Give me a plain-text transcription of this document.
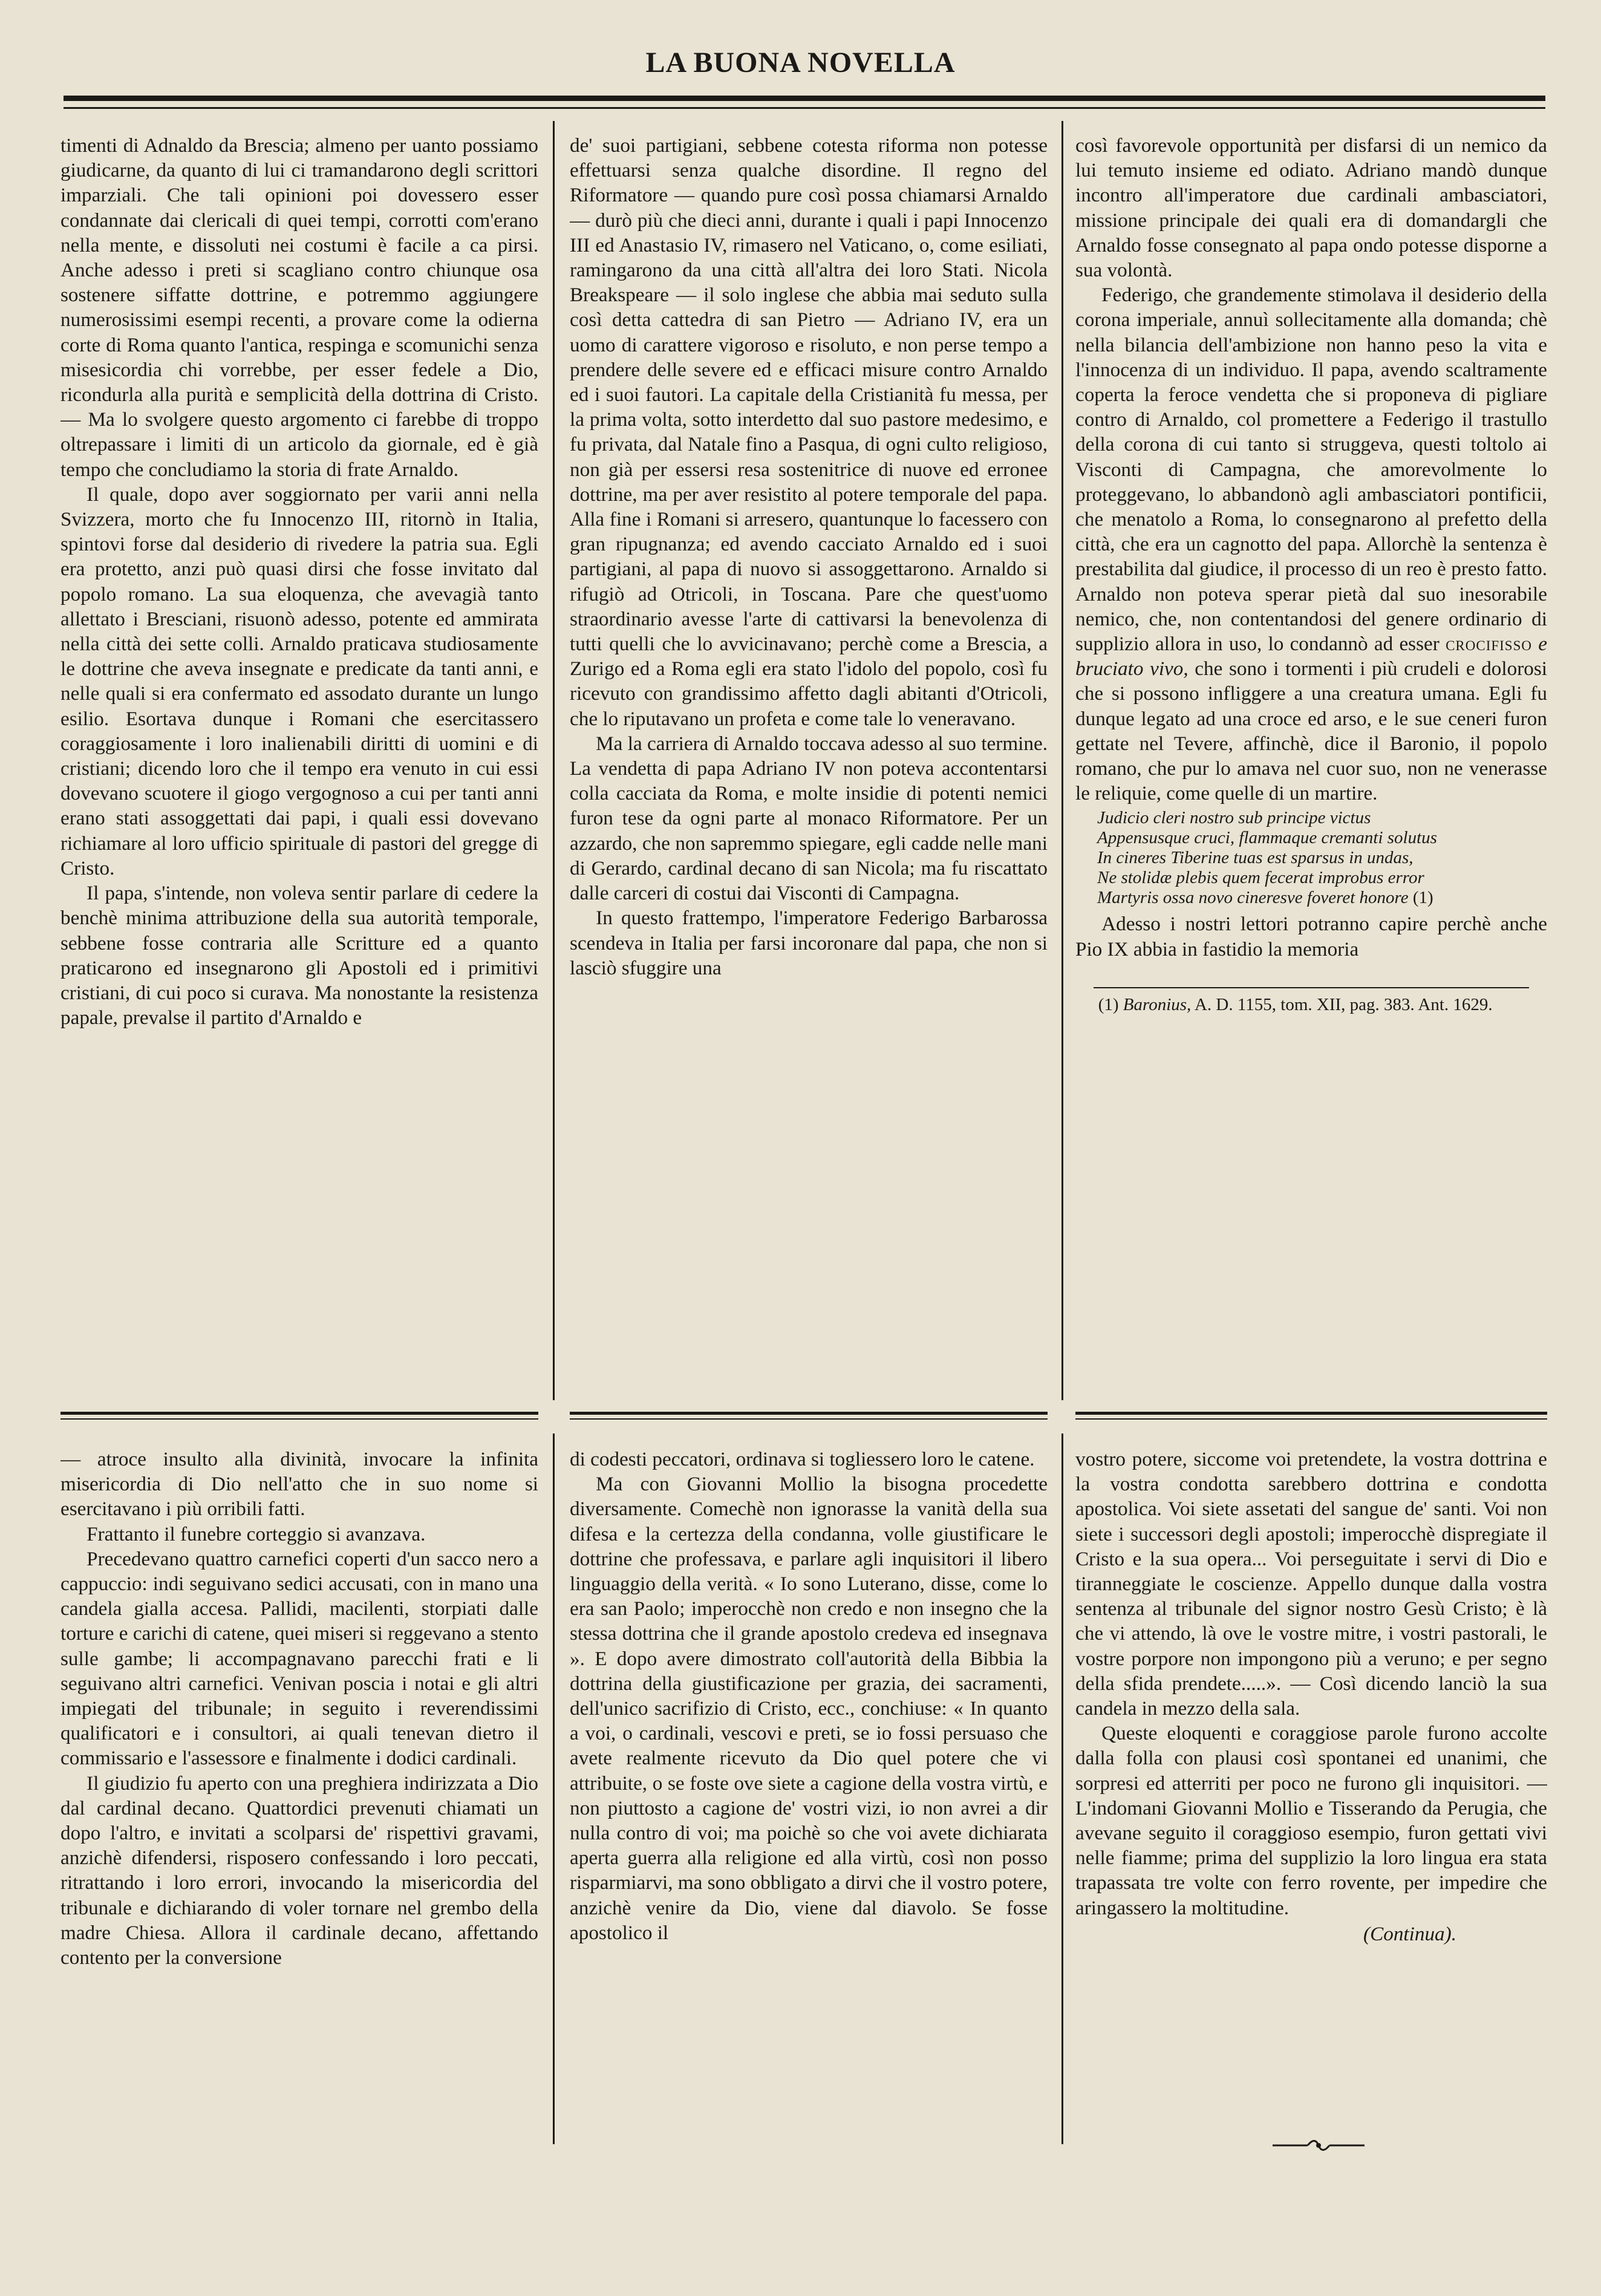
LA BUONA NOVELLA

timenti di Adnaldo da Brescia; almeno per uanto possiamo giudicarne, da quanto di lui ci tramandarono degli scrittori imparziali. Che tali opinioni poi dovessero esser condannate dai clericali di quei tempi, corrotti com'erano nella mente, e dissoluti nei costumi è facile a ca pirsi. Anche adesso i preti si scagliano contro chiunque osa sostenere siffatte dottrine, e potremmo aggiungere numerosissimi esempi recenti, a provare come la odierna corte di Roma quanto l'antica, respinga e scomunichi senza misesicordia chi vorrebbe, per esser fedele a Dio, ricondurla alla purità e semplicità della dottrina di Cristo. — Ma lo svolgere questo argomento ci farebbe di troppo oltrepassare i limiti di un articolo da giornale, ed è già tempo che concludiamo la storia di frate Arnaldo.

Il quale, dopo aver soggiornato per varii anni nella Svizzera, morto che fu Innocenzo III, ritornò in Italia, spintovi forse dal desiderio di rivedere la patria sua. Egli era protetto, anzi può quasi dirsi che fosse invitato dal popolo romano. La sua eloquenza, che avevagià tanto allettato i Bresciani, risuonò adesso, potente ed ammirata nella città dei sette colli. Arnaldo praticava studiosamente le dottrine che aveva insegnate e predicate da tanti anni, e nelle quali si era confermato ed assodato durante un lungo esilio. Esortava dunque i Romani che esercitassero coraggiosamente i loro inalienabili diritti di uomini e di cristiani; dicendo loro che il tempo era venuto in cui essi dovevano scuotere il giogo vergognoso a cui per tanti anni erano stati assoggettati dai papi, i quali essi dovevano richiamare al loro ufficio spirituale di pastori del gregge di Cristo.

Il papa, s'intende, non voleva sentir parlare di cedere la benchè minima attribuzione della sua autorità temporale, sebbene fosse contraria alle Scritture ed a quanto praticarono ed insegnarono gli Apostoli ed i primitivi cristiani, di cui poco si curava. Ma nonostante la resistenza papale, prevalse il partito d'Arnaldo e

de' suoi partigiani, sebbene cotesta riforma non potesse effettuarsi senza qualche disordine. Il regno del Riformatore — quando pure così possa chiamarsi Arnaldo — durò più che dieci anni, durante i quali i papi Innocenzo III ed Anastasio IV, rimasero nel Vaticano, o, come esiliati, ramingarono da una città all'altra dei loro Stati. Nicola Breakspeare — il solo inglese che abbia mai seduto sulla così detta cattedra di san Pietro — Adriano IV, era un uomo di carattere vigoroso e risoluto, e non perse tempo a prendere delle severe ed e efficaci misure contro Arnaldo ed i suoi fautori. La capitale della Cristianità fu messa, per la prima volta, sotto interdetto dal suo pastore medesimo, e fu privata, dal Natale fino a Pasqua, di ogni culto religioso, non già per essersi resa sostenitrice di nuove ed erronee dottrine, ma per aver resistito al potere temporale del papa. Alla fine i Romani si arresero, quantunque lo facessero con gran ripugnanza; ed avendo cacciato Arnaldo ed i suoi partigiani, al papa di nuovo si assoggettarono. Arnaldo si rifugiò ad Otricoli, in Toscana. Pare che quest'uomo straordinario avesse l'arte di cattivarsi la benevolenza di tutti quelli che lo avvicinavano; perchè come a Brescia, a Zurigo ed a Roma egli era stato l'idolo del popolo, così fu ricevuto con grandissimo affetto dagli abitanti d'Otricoli, che lo riputavano un profeta e come tale lo veneravano.

Ma la carriera di Arnaldo toccava adesso al suo termine. La vendetta di papa Adriano IV non poteva accontentarsi colla cacciata da Roma, e molte insidie di potenti nemici furon tese da ogni parte al monaco Riformatore. Per un azzardo, che non sapremmo spiegare, egli cadde nelle mani di Gerardo, cardinal decano di san Nicola; ma fu riscattato dalle carceri di costui dai Visconti di Campagna.

In questo frattempo, l'imperatore Federigo Barbarossa scendeva in Italia per farsi incoronare dal papa, che non si lasciò sfuggire una

così favorevole opportunità per disfarsi di un nemico da lui temuto insieme ed odiato. Adriano mandò dunque incontro all'imperatore due cardinali ambasciatori, missione principale dei quali era di domandargli che Arnaldo fosse consegnato al papa ondo potesse disporne a sua volontà.

Federigo, che grandemente stimolava il desiderio della corona imperiale, annuì sollecitamente alla domanda; chè nella bilancia dell'ambizione non hanno peso la vita e l'innocenza di un individuo. Il papa, avendo scaltramente coperta la feroce vendetta che si proponeva di pigliare contro di Arnaldo, col promettere a Federigo il trastullo della corona di cui tanto si struggeva, questi toltolo ai Visconti di Campagna, che amorevolmente lo proteggevano, lo abbandonò agli ambasciatori pontificii, che menatolo a Roma, lo consegnarono al prefetto della città, che era un cagnotto del papa. Allorchè la sentenza è prestabilita dal giudice, il processo di un reo è presto fatto. Arnaldo non poteva sperar pietà dal suo inesorabile nemico, che, non contentandosi del genere ordinario di supplizio allora in uso, lo condannò ad esser crocifisso e bruciato vivo, che sono i tormenti i più crudeli e dolorosi che si possono infliggere a una creatura umana. Egli fu dunque legato ad una croce ed arso, e le sue ceneri furon gettate nel Tevere, affinchè, dice il Baronio, il popolo romano, che pur lo amava nel cuor suo, non ne venerasse le reliquie, come quelle di un martire.

Judicio cleri nostro sub principe victus
Appensusque cruci, flammaque cremanti solutus
In cineres Tiberine tuas est sparsus in undas,
Ne stolidæ plebis quem fecerat improbus error
Martyris ossa novo cineresve foveret honore (1)

Adesso i nostri lettori potranno capire perchè anche Pio IX abbia in fastidio la memoria

(1) Baronius, A. D. 1155, tom. XII, pag. 383. Ant. 1629.

— atroce insulto alla divinità, invocare la infinita misericordia di Dio nell'atto che in suo nome si esercitavano i più orribili fatti.

Frattanto il funebre corteggio si avanzava.

Precedevano quattro carnefici coperti d'un sacco nero a cappuccio: indi seguivano sedici accusati, con in mano una candela gialla accesa. Pallidi, macilenti, storpiati dalle torture e carichi di catene, quei miseri si reggevano a stento sulle gambe; li accompagnavano parecchi frati e li seguivano altri carnefici. Venivan poscia i notai e gli altri impiegati del tribunale; in seguito i reverendissimi qualificatori e i consultori, ai quali tenevan dietro il commissario e l'assessore e finalmente i dodici cardinali.

Il giudizio fu aperto con una preghiera indirizzata a Dio dal cardinal decano. Quattordici prevenuti chiamati un dopo l'altro, e invitati a scolparsi de' rispettivi gravami, anzichè difendersi, risposero confessando i loro peccati, ritrattando i loro errori, invocando la misericordia del tribunale e dichiarando di voler tornare nel grembo della madre Chiesa. Allora il cardinale decano, affettando contento per la conversione

di codesti peccatori, ordinava si togliessero loro le catene.

Ma con Giovanni Mollio la bisogna procedette diversamente. Comechè non ignorasse la vanità della sua difesa e la certezza della condanna, volle giustificare le dottrine che professava, e parlare agli inquisitori il libero linguaggio della verità. « Io sono Luterano, disse, come lo era san Paolo; imperocchè non credo e non insegno che la stessa dottrina che il grande apostolo credeva ed insegnava ». E dopo avere dimostrato coll'autorità della Bibbia la dottrina della giustificazione per grazia, dei sacramenti, dell'unico sacrifizio di Cristo, ecc., conchiuse: « In quanto a voi, o cardinali, vescovi e preti, se io fossi persuaso che avete realmente ricevuto da Dio quel potere che vi attribuite, o se foste ove siete a cagione della vostra virtù, e non piuttosto a cagione de' vostri vizi, io non avrei a dir nulla contro di voi; ma poichè so che voi avete dichiarata aperta guerra alla religione ed alla virtù, così non posso risparmiarvi, ma sono obbligato a dirvi che il vostro potere, anzichè venire da Dio, viene dal diavolo. Se fosse apostolico il

vostro potere, siccome voi pretendete, la vostra dottrina e la vostra condotta sarebbero dottrina e condotta apostolica. Voi siete assetati del sangue de' santi. Voi non siete i successori degli apostoli; imperocchè dispregiate il Cristo e la sua opera... Voi perseguitate i servi di Dio e tiranneggiate le coscienze. Appello dunque dalla vostra sentenza al tribunale del signor nostro Gesù Cristo; è là che vi attendo, là ove le vostre mitre, i vostri pastorali, le vostre porpore non impongono più a veruno; e per segno della sfida prendete.....». — Così dicendo lanciò la sua candela in mezzo della sala.

Queste eloquenti e coraggiose parole furono accolte dalla folla con plausi così spontanei ed unanimi, che sorpresi ed atterriti per poco ne furono gli inquisitori. — L'indomani Giovanni Mollio e Tisserando da Perugia, che avevane seguito il coraggioso esempio, furon gettati vivi nelle fiamme; prima del supplizio la loro lingua era stata trapassata tre volte con ferro rovente, per impedire che aringassero la moltitudine.

(Continua).
